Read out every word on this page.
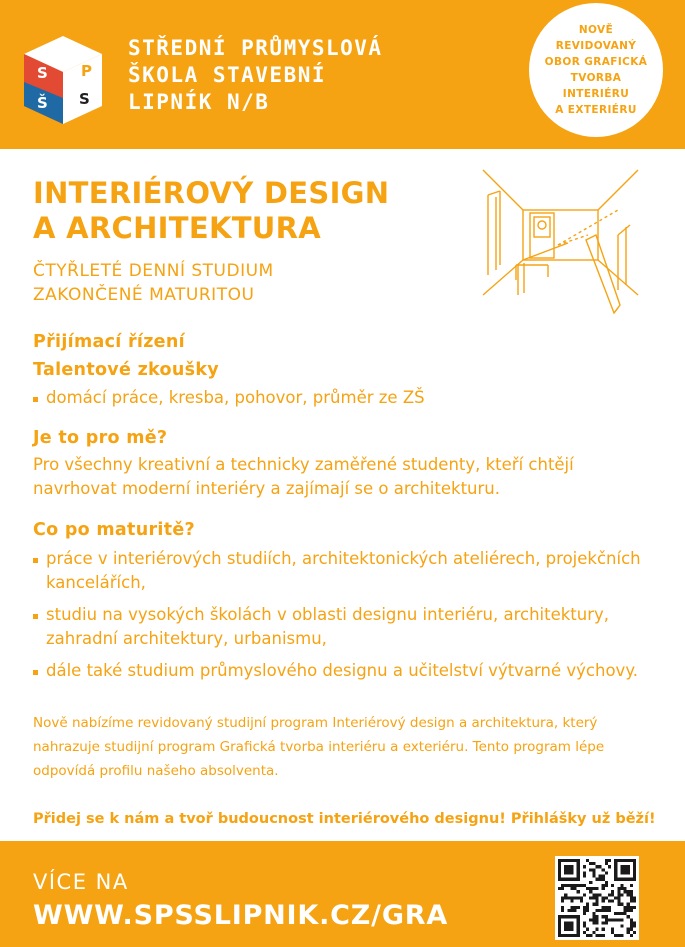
S P
Š S
STŘEDNÍ PRŮMYSLOVÁ
ŠKOLA STAVEBNÍ
LIPNÍK N/B
NOVĚ
REVIDOVANÝ
OBOR GRAFICKÁ
TVORBA
INTERIÉRU
A EXTERIÉRU
INTERIÉROVÝ DESIGN
A ARCHITEKTURA
ČTYŘLETÉ DENNÍ STUDIUM
ZAKONČENÉ MATURITOU
Přijímací řízení
Talentové zkoušky
domácí práce, kresba, pohovor, průměr ze ZŠ
Je to pro mě?
Pro všechny kreativní a technicky zaměřené studenty, kteří chtějí
navrhovat moderní interiéry a zajímají se o architekturu.
Co po maturitě?
práce v interiérových studiích, architektonických ateliérech, projekčních
kancelářích,
studiu na vysokých školách v oblasti designu interiéru, architektury,
zahradní architektury, urbanismu,
dále také studium průmyslového designu a učitelství výtvarné výchovy.
Nově nabízíme revidovaný studijní program Interiérový design a architektura, který
nahrazuje studijní program Grafická tvorba interiéru a exteriéru. Tento program lépe
odpovídá profilu našeho absolventa.
Přidej se k nám a tvoř budoucnost interiérového designu! Přihlášky už běží!
VÍCE NA
WWW.SPSSLIPNIK.CZ/GRA
